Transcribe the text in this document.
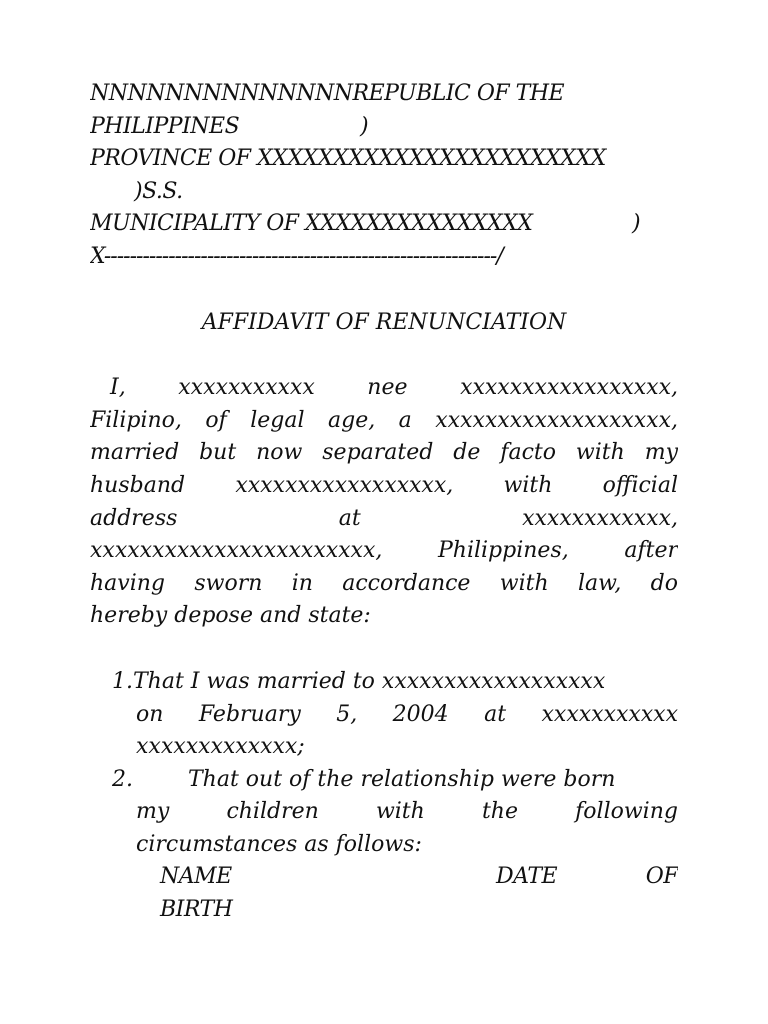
NNNNNNNNNNNNNNREPUBLIC OF THE
PHILIPPINES	)
PROVINCE OF XXXXXXXXXXXXXXXXXXXXXXX
)S.S.
MUNICIPALITY OF XXXXXXXXXXXXXXX	)
X-------------------------------------------------------------/
AFFIDAVIT OF RENUNCIATION
I, xxxxxxxxxxx nee xxxxxxxxxxxxxxxxx,
Filipino, of legal age, a xxxxxxxxxxxxxxxxxxx,
married but now separated de facto with my
husband xxxxxxxxxxxxxxxxx, with official
address	at	xxxxxxxxxxxx,
xxxxxxxxxxxxxxxxxxxxxxx, Philippines, after
having sworn in accordance with law, do
hereby depose and state:
1.That I was married to xxxxxxxxxxxxxxxxxx
on February 5, 2004 at xxxxxxxxxxx
xxxxxxxxxxxxx;
2.	That out of the relationship were born
my	children	with	the	following
circumstances as follows:
NAME	DATE	OF
BIRTH
